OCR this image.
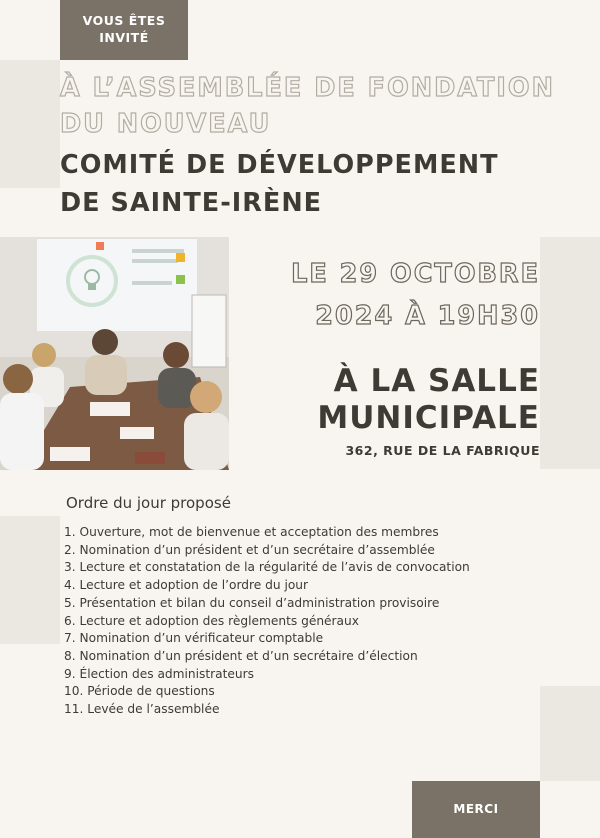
VOUS ÊTES
INVITÉ
À L’ASSEMBLÉE DE FONDATION
DU NOUVEAU
COMITÉ DE DÉVELOPPEMENT
DE SAINTE-IRÈNE
LE 29 OCTOBRE
2024 À 19H30
À LA SALLE
MUNICIPALE
362, RUE DE LA FABRIQUE
Ordre du jour proposé
1. Ouverture, mot de bienvenue et acceptation des membres
2. Nomination d’un président et d’un secrétaire d’assemblée
3. Lecture et constatation de la régularité de l’avis de convocation
4. Lecture et adoption de l’ordre du jour
5. Présentation et bilan du conseil d’administration provisoire
6. Lecture et adoption des règlements généraux
7. Nomination d’un vérificateur comptable
8. Nomination d’un président et d’un secrétaire d’élection
9. Élection des administrateurs
10. Période de questions
11. Levée de l’assemblée
MERCI
